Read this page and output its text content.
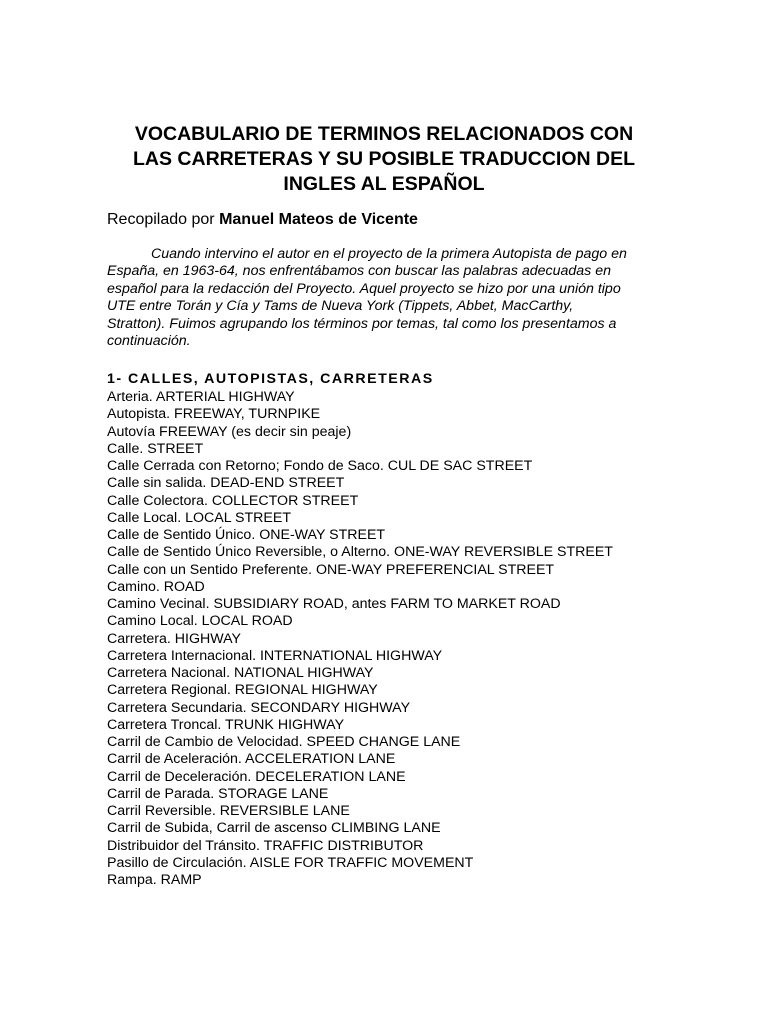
VOCABULARIO DE TERMINOS RELACIONADOS CON
LAS CARRETERAS Y SU POSIBLE TRADUCCION DEL
INGLES AL ESPAÑOL

Recopilado por Manuel Mateos de Vicente

Cuando intervino el autor en el proyecto de la primera Autopista de pago en
España, en 1963-64, nos enfrentábamos con buscar las palabras adecuadas en
español para la redacción del Proyecto. Aquel proyecto se hizo por una unión tipo
UTE entre Torán y Cía y Tams de Nueva York (Tippets, Abbet, MacCarthy,
Stratton). Fuimos agrupando los términos por temas, tal como los presentamos a
continuación.

1- CALLES, AUTOPISTAS, CARRETERAS
Arteria. ARTERIAL HIGHWAY
Autopista. FREEWAY, TURNPIKE
Autovía FREEWAY (es decir sin peaje)
Calle. STREET
Calle Cerrada con Retorno; Fondo de Saco. CUL DE SAC STREET
Calle sin salida. DEAD-END STREET
Calle Colectora. COLLECTOR STREET
Calle Local. LOCAL STREET
Calle de Sentido Único. ONE-WAY STREET
Calle de Sentido Único Reversible, o Alterno. ONE-WAY REVERSIBLE STREET
Calle con un Sentido Preferente. ONE-WAY PREFERENCIAL STREET
Camino. ROAD
Camino Vecinal. SUBSIDIARY ROAD, antes FARM TO MARKET ROAD
Camino Local. LOCAL ROAD
Carretera. HIGHWAY
Carretera Internacional. INTERNATIONAL HIGHWAY
Carretera Nacional. NATIONAL HIGHWAY
Carretera Regional. REGIONAL HIGHWAY
Carretera Secundaria. SECONDARY HIGHWAY
Carretera Troncal. TRUNK HIGHWAY
Carril de Cambio de Velocidad. SPEED CHANGE LANE
Carril de Aceleración. ACCELERATION LANE
Carril de Deceleración. DECELERATION LANE
Carril de Parada. STORAGE LANE
Carril Reversible. REVERSIBLE LANE
Carril de Subida, Carril de ascenso CLIMBING LANE
Distribuidor del Tránsito. TRAFFIC DISTRIBUTOR
Pasillo de Circulación. AISLE FOR TRAFFIC MOVEMENT
Rampa. RAMP
